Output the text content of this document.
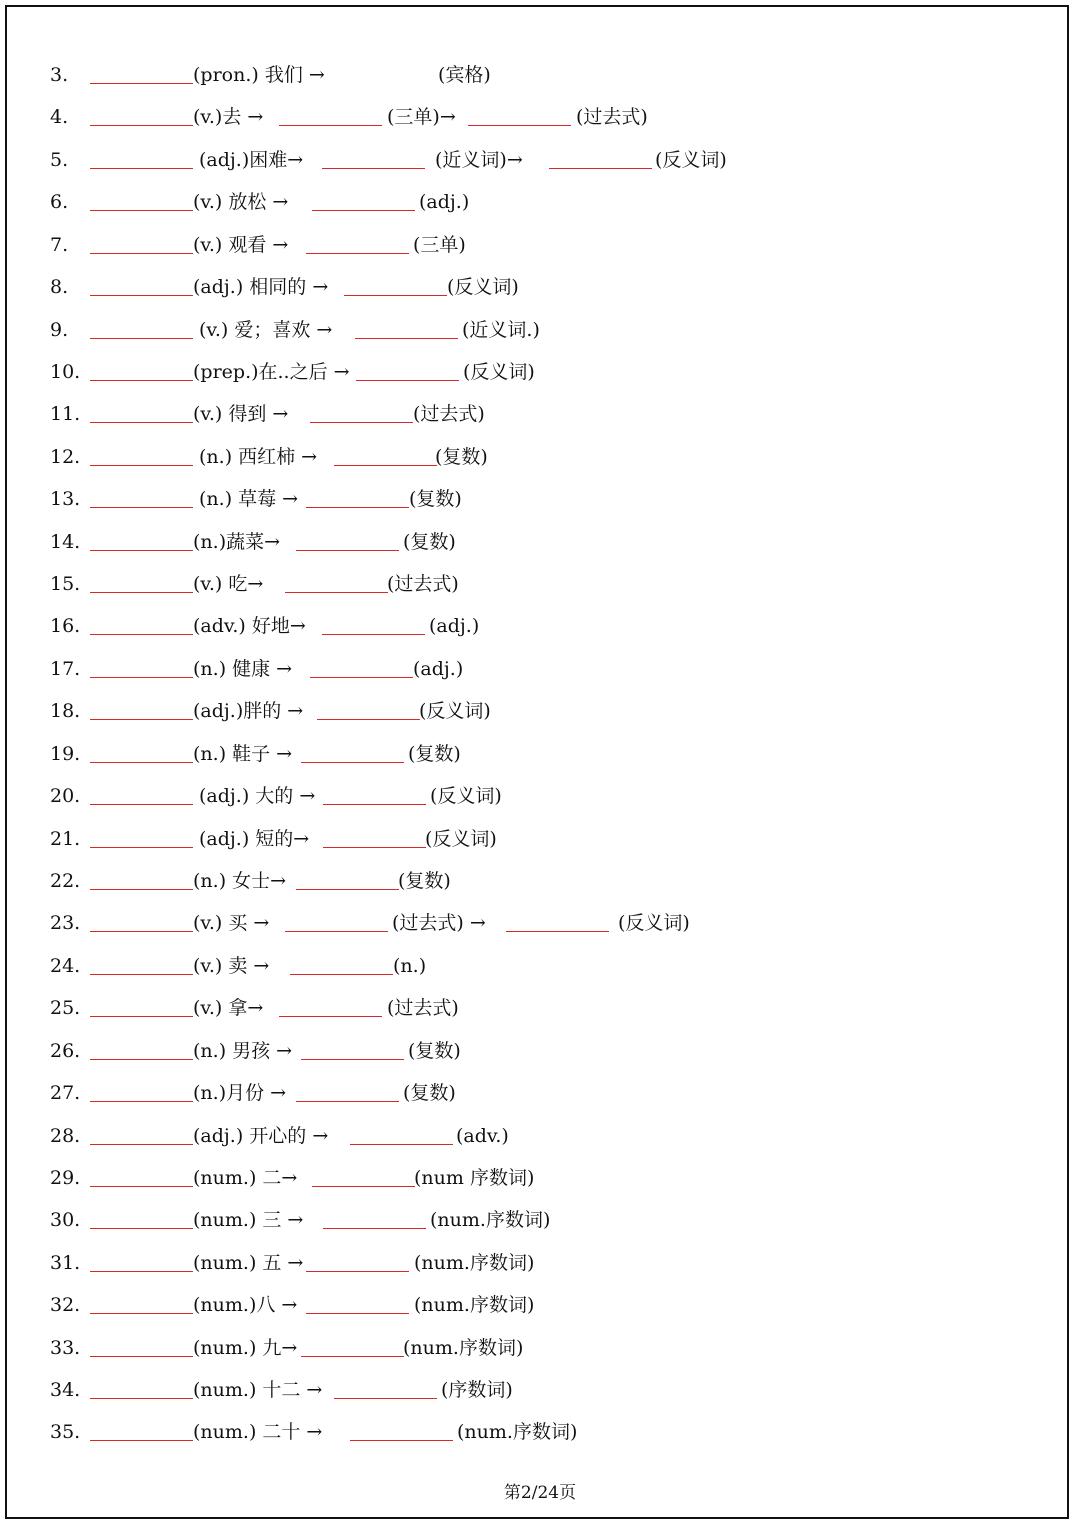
3.	(pron.) 我们 →	(宾格)
4.	(v.)去 →	(三单)→	(过去式)
5.	(adj.)困难→	(近义词)→	(反义词)
6.	(v.) 放松 →	(adj.)
7.	(v.) 观看 →	(三单)
8.	(adj.) 相同的 →	(反义词)
9.	(v.) 爱；喜欢 →	(近义词.)
10.	(prep.)在..之后 →	(反义词)
11.	(v.) 得到 →	(过去式)
12.	(n.) 西红柿 →	(复数)
13.	(n.) 草莓 →	(复数)
14.	(n.)蔬菜→	(复数)
15.	(v.) 吃→	(过去式)
16.	(adv.) 好地→	(adj.)
17.	(n.) 健康 →	(adj.)
18.	(adj.)胖的 →	(反义词)
19.	(n.) 鞋子 →	(复数)
20.	(adj.) 大的 →	(反义词)
21.	(adj.) 短的→	(反义词)
22.	(n.) 女士→	(复数)
23.	(v.) 买 →	(过去式) →	(反义词)
24.	(v.) 卖 →	(n.)
25.	(v.) 拿→	(过去式)
26.	(n.) 男孩 →	(复数)
27.	(n.)月份 →	(复数)
28.	(adj.) 开心的 →	(adv.)
29.	(num.) 二→	(num 序数词)
30.	(num.) 三 →	(num.序数词)
31.	(num.) 五 →	(num.序数词)
32.	(num.)八 →	(num.序数词)
33.	(num.) 九→	(num.序数词)
34.	(num.) 十二 →	(序数词)
35.	(num.) 二十 →	(num.序数词)
第2/24页
